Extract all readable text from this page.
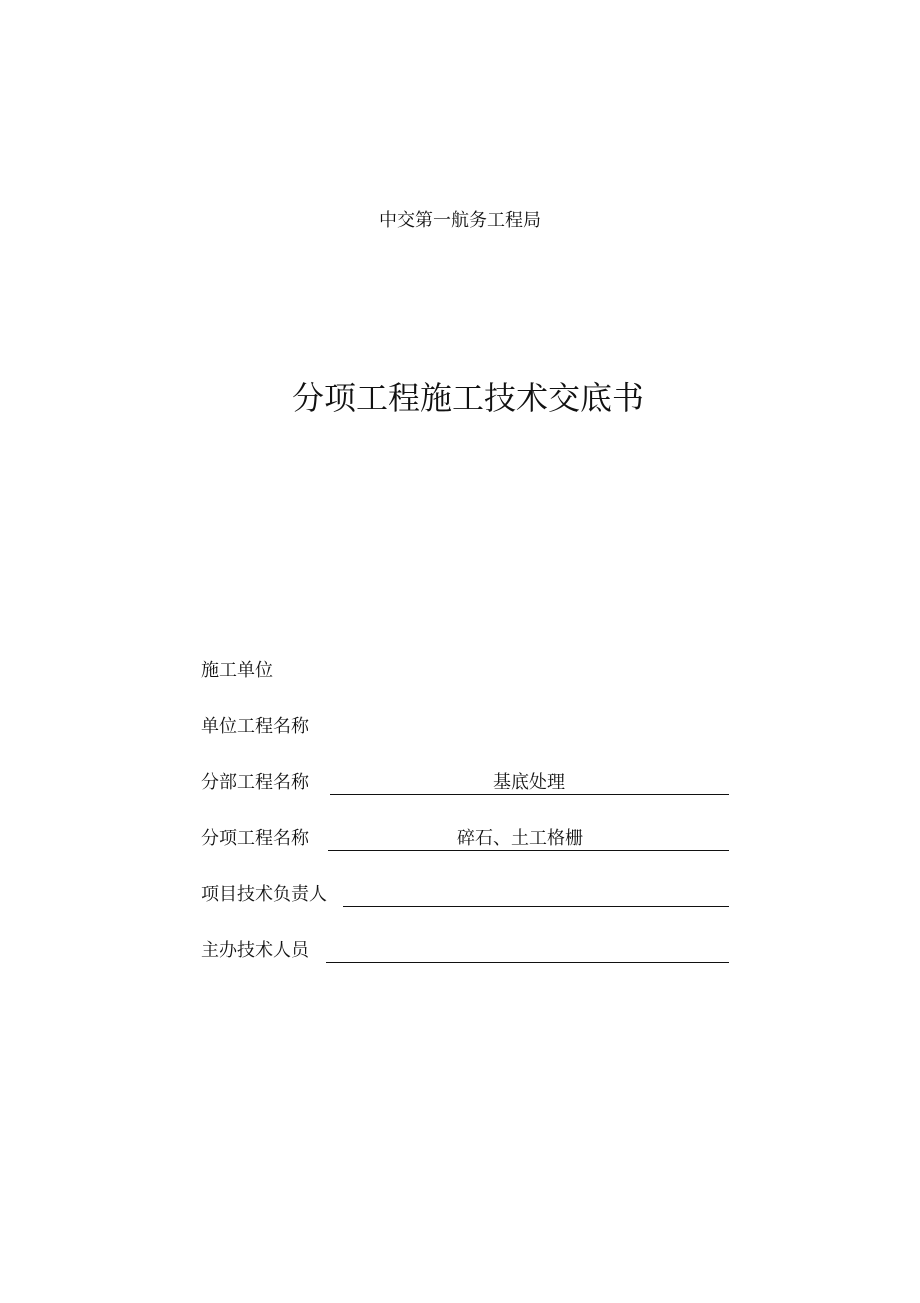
中交第一航务工程局
分项工程施工技术交底书
施工单位
单位工程名称
分部工程名称	基底处理
分项工程名称	碎石、土工格栅
项目技术负责人
主办技术人员
